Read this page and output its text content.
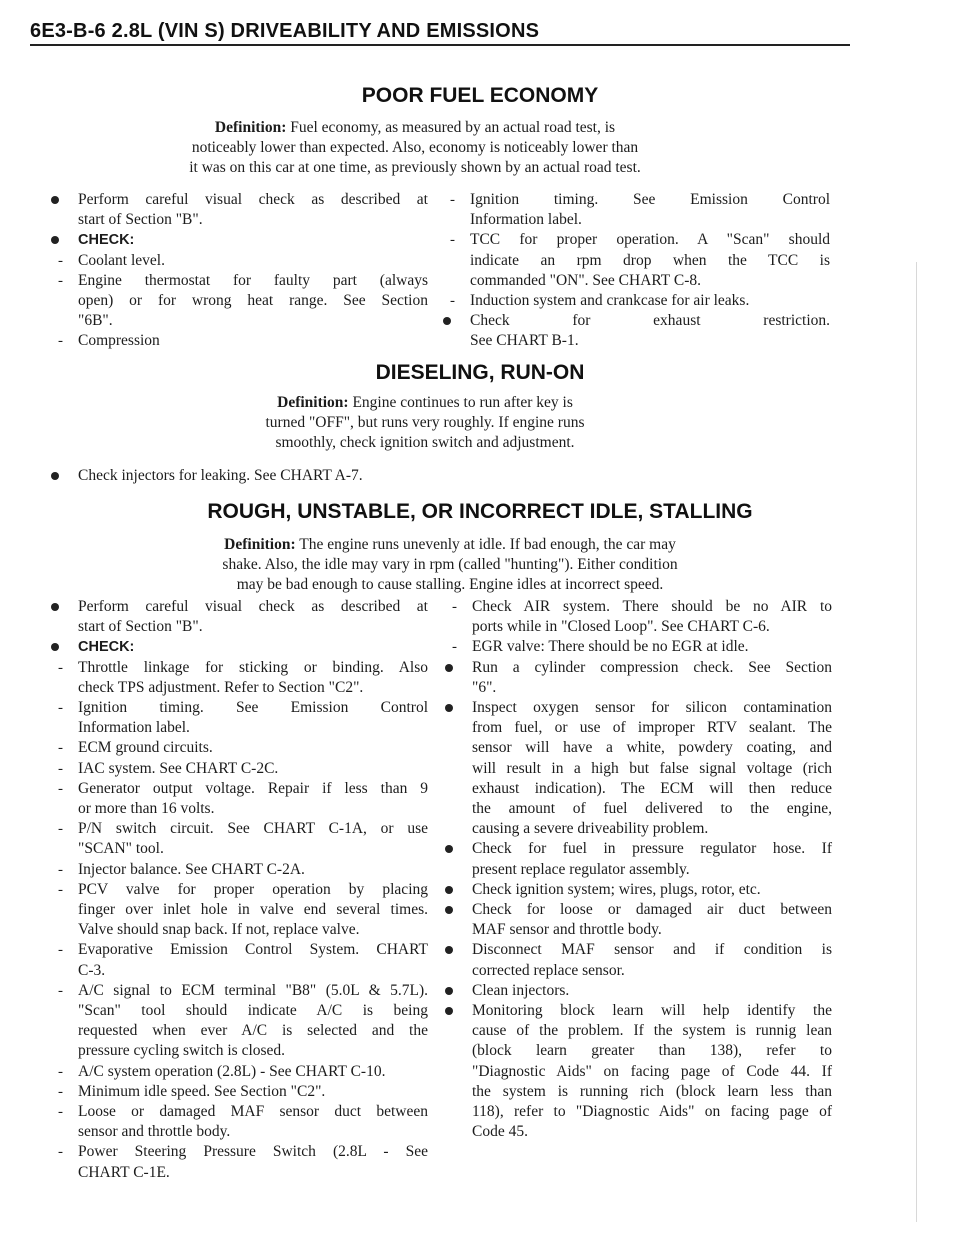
6E3-B-6 2.8L (VIN S) DRIVEABILITY AND EMISSIONS
POOR FUEL ECONOMY
Definition: Fuel economy, as measured by an actual road test, is
noticeably lower than expected. Also, economy is noticeably lower than
it was on this car at one time, as previously shown by an actual road test.
Perform careful visual check as described at
start of Section "B".
CHECK:
- Coolant level.
- Engine thermostat for faulty part (always
open) or for wrong heat range. See Section
"6B".
- Compression
- Ignition timing. See Emission Control
Information label.
- TCC for proper operation. A "Scan" should
indicate an rpm drop when the TCC is
commanded "ON". See CHART C-8.
- Induction system and crankcase for air leaks.
Check for exhaust restriction.
See CHART B-1.
DIESELING, RUN-ON
Definition: Engine continues to run after key is
turned "OFF", but runs very roughly. If engine runs
smoothly, check ignition switch and adjustment.
Check injectors for leaking. See CHART A-7.
ROUGH, UNSTABLE, OR INCORRECT IDLE, STALLING
Definition: The engine runs unevenly at idle. If bad enough, the car may
shake. Also, the idle may vary in rpm (called "hunting"). Either condition
may be bad enough to cause stalling. Engine idles at incorrect speed.
Perform careful visual check as described at
start of Section "B".
CHECK:
- Throttle linkage for sticking or binding. Also
check TPS adjustment. Refer to Section "C2".
- Ignition timing. See Emission Control
Information label.
- ECM ground circuits.
- IAC system. See CHART C-2C.
- Generator output voltage. Repair if less than 9
or more than 16 volts.
- P/N switch circuit. See CHART C-1A, or use
"SCAN" tool.
- Injector balance. See CHART C-2A.
- PCV valve for proper operation by placing
finger over inlet hole in valve end several times.
Valve should snap back. If not, replace valve.
- Evaporative Emission Control System. CHART
C-3.
- A/C signal to ECM terminal "B8" (5.0L & 5.7L).
"Scan" tool should indicate A/C is being
requested when ever A/C is selected and the
pressure cycling switch is closed.
- A/C system operation (2.8L) - See CHART C-10.
- Minimum idle speed. See Section "C2".
- Loose or damaged MAF sensor duct between
sensor and throttle body.
- Power Steering Pressure Switch (2.8L - See
CHART C-1E.
- Check AIR system. There should be no AIR to
ports while in "Closed Loop". See CHART C-6.
- EGR valve: There should be no EGR at idle.
Run a cylinder compression check. See Section
"6".
Inspect oxygen sensor for silicon contamination
from fuel, or use of improper RTV sealant. The
sensor will have a white, powdery coating, and
will result in a high but false signal voltage (rich
exhaust indication). The ECM will then reduce
the amount of fuel delivered to the engine,
causing a severe driveability problem.
Check for fuel in pressure regulator hose. If
present replace regulator assembly.
Check ignition system; wires, plugs, rotor, etc.
Check for loose or damaged air duct between
MAF sensor and throttle body.
Disconnect MAF sensor and if condition is
corrected replace sensor.
Clean injectors.
Monitoring block learn will help identify the
cause of the problem. If the system is runnig lean
(block learn greater than 138), refer to
"Diagnostic Aids" on facing page of Code 44. If
the system is running rich (block learn less than
118), refer to "Diagnostic Aids" on facing page of
Code 45.
